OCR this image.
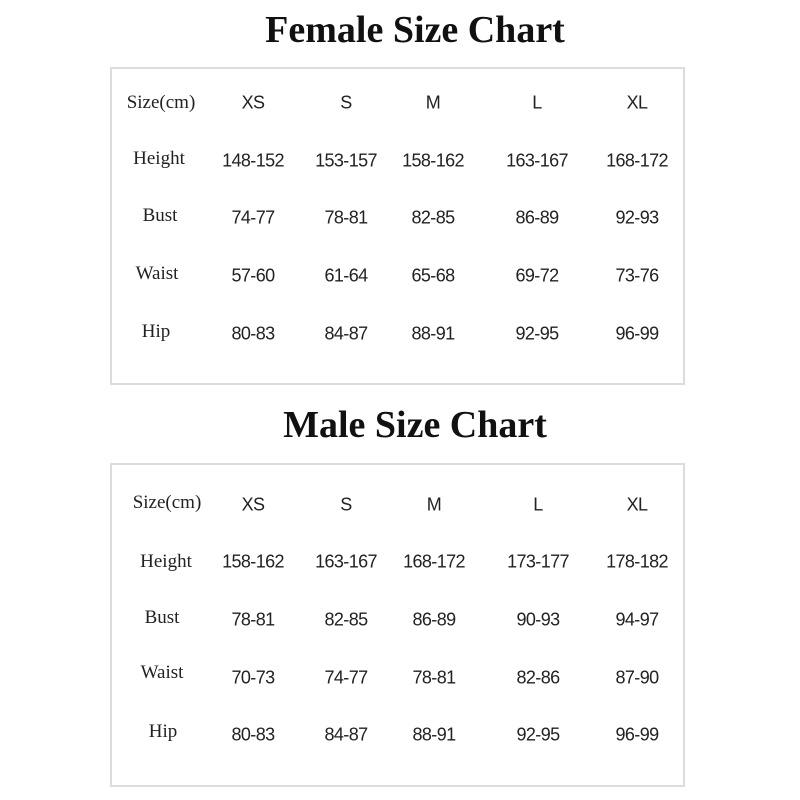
Female Size Chart
Size(cm)	XS	S	M	L	XL
Height 148-152 153-157 158-162 163-167 168-172
Bust	74-77	78-81 82-85	86-89	92-93
Waist	57-60	61-64 65-68	69-72	73-76
Hip	80-83	84-87 88-91	92-95	96-99
Male Size Chart
Size(cm) XS	S	M	L	XL
Height 158-162 163-167 168-172 173-177 178-182
Bust	78-81	82-85 86-89	90-93	94-97
Waist	70-73	74-77 78-81	82-86	87-90
Hip	80-83	84-87 88-91	92-95	96-99
